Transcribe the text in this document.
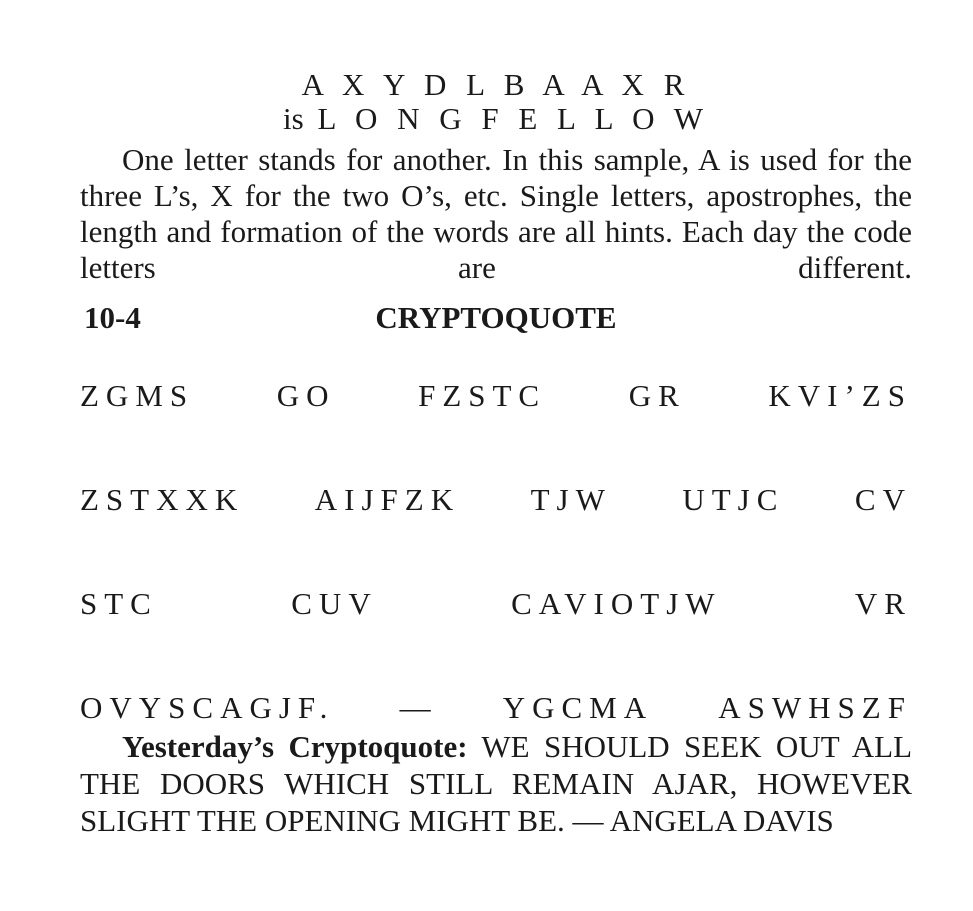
A X Y D L B A A X R
is L O N G F E L L O W
One letter stands for another. In this sample, A is used for the three L’s, X for the two O’s, etc. Single letters, apostrophes, the length and formation of the words are all hints. Each day the code letters are different.
10-4	CRYPTOQUOTE
ZGMS	GO	FZSTC	GR	KVI’ZS
ZSTXXK AIJFZK TJW UTJC CV
STC	CUV	CAVIOTJW	VR
OVYSCAGJF. — YGCMA ASWHSZF
Yesterday’s Cryptoquote: WE SHOULD SEEK OUT ALL THE DOORS WHICH STILL REMAIN AJAR, HOWEVER SLIGHT THE OPENING MIGHT BE. — ANGELA DAVIS
